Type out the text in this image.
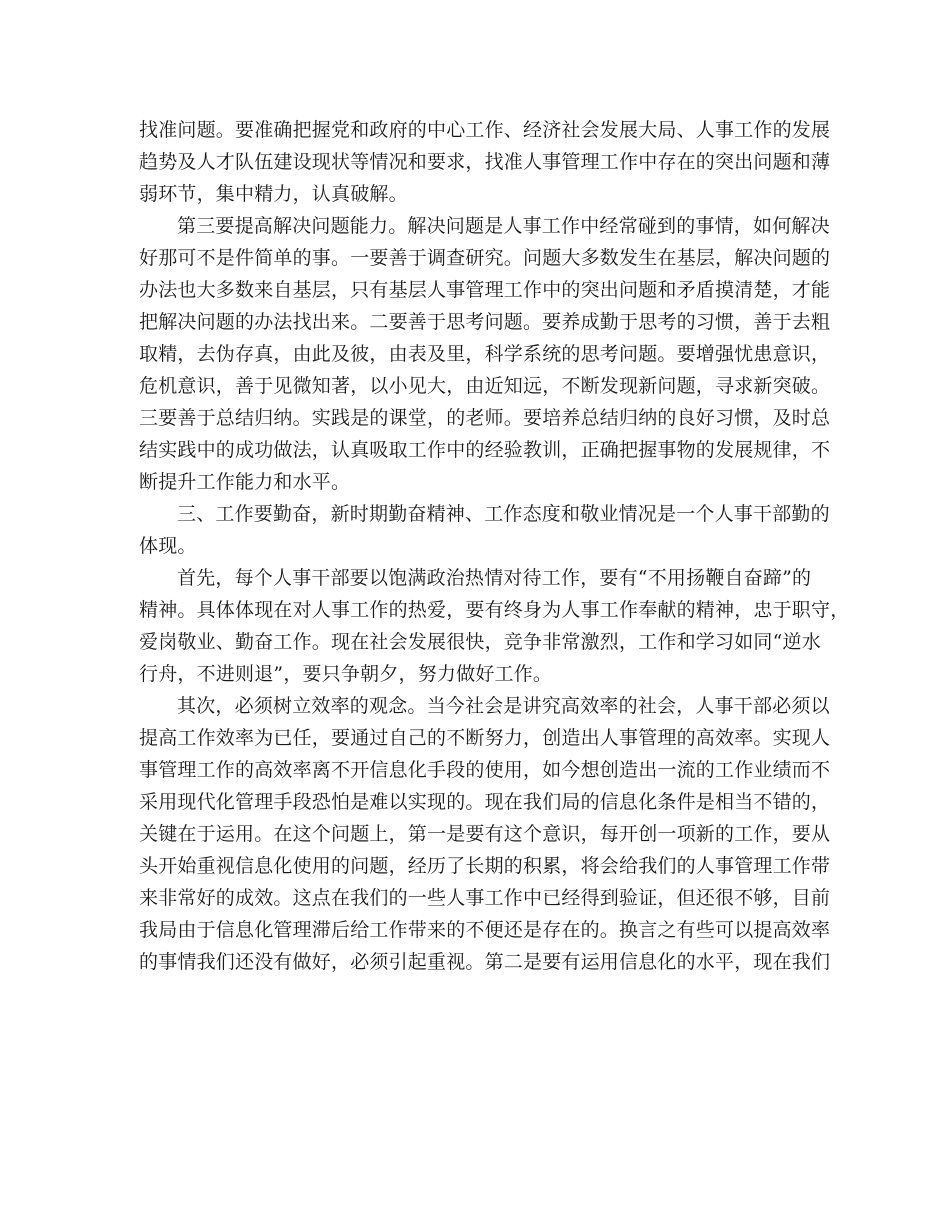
找准问题。要准确把握党和政府的中心工作、经济社会发展大局、人事工作的发展
趋势及人才队伍建设现状等情况和要求，找准人事管理工作中存在的突出问题和薄
弱环节，集中精力，认真破解。
第三要提高解决问题能力。解决问题是人事工作中经常碰到的事情，如何解决
好那可不是件简单的事。一要善于调查研究。问题大多数发生在基层，解决问题的
办法也大多数来自基层，只有基层人事管理工作中的突出问题和矛盾摸清楚，才能
把解决问题的办法找出来。二要善于思考问题。要养成勤于思考的习惯，善于去粗
取精，去伪存真，由此及彼，由表及里，科学系统的思考问题。要增强忧患意识，
危机意识，善于见微知著，以小见大，由近知远，不断发现新问题，寻求新突破。
三要善于总结归纳。实践是的课堂，的老师。要培养总结归纳的良好习惯，及时总
结实践中的成功做法，认真吸取工作中的经验教训，正确把握事物的发展规律，不
断提升工作能力和水平。
三、工作要勤奋，新时期勤奋精神、工作态度和敬业情况是一个人事干部勤的
体现。
首先，每个人事干部要以饱满政治热情对待工作，要有“不用扬鞭自奋蹄”的
精神。具体体现在对人事工作的热爱，要有终身为人事工作奉献的精神，忠于职守，
爱岗敬业、勤奋工作。现在社会发展很快，竞争非常激烈，工作和学习如同“逆水
行舟，不进则退”，要只争朝夕，努力做好工作。
其次，必须树立效率的观念。当今社会是讲究高效率的社会，人事干部必须以
提高工作效率为已任，要通过自己的不断努力，创造出人事管理的高效率。实现人
事管理工作的高效率离不开信息化手段的使用，如今想创造出一流的工作业绩而不
采用现代化管理手段恐怕是难以实现的。现在我们局的信息化条件是相当不错的，
关键在于运用。在这个问题上，第一是要有这个意识，每开创一项新的工作，要从
头开始重视信息化使用的问题，经历了长期的积累，将会给我们的人事管理工作带
来非常好的成效。这点在我们的一些人事工作中已经得到验证，但还很不够，目前
我局由于信息化管理滞后给工作带来的不便还是存在的。换言之有些可以提高效率
的事情我们还没有做好，必须引起重视。第二是要有运用信息化的水平，现在我们
